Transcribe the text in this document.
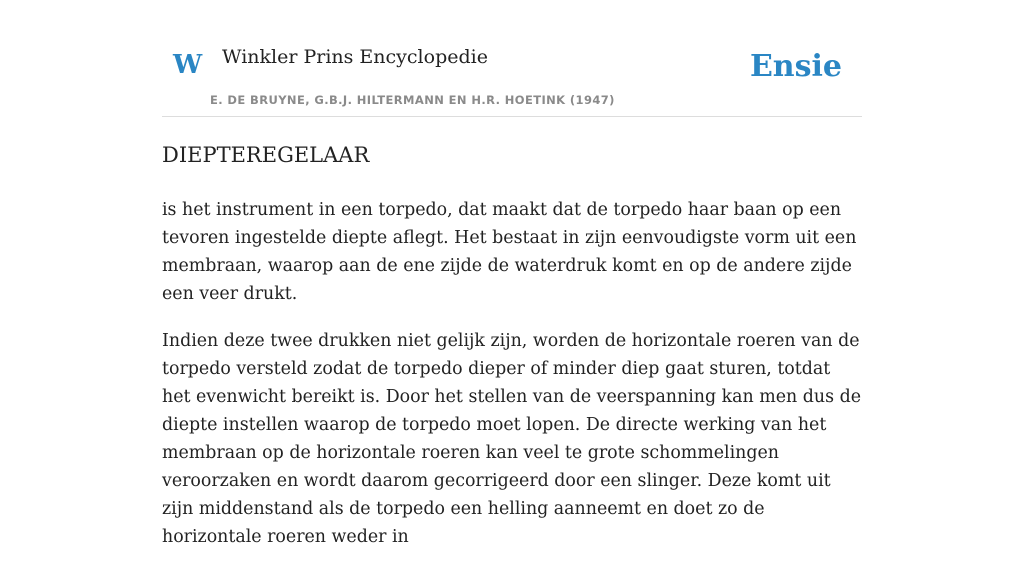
W Winkler Prins Encyclopedie
E. DE BRUYNE, G.B.J. HILTERMANN EN H.R. HOETINK (1947)
Ensie
DIEPTEREGELAAR

is het instrument in een torpedo, dat maakt dat de torpedo haar baan op een tevoren ingestelde diepte aflegt. Het bestaat in zijn eenvoudigste vorm uit een membraan, waarop aan de ene zijde de waterdruk komt en op de andere zijde een veer drukt.

Indien deze twee drukken niet gelijk zijn, worden de horizontale roeren van de torpedo versteld zodat de torpedo dieper of minder diep gaat sturen, totdat het evenwicht bereikt is. Door het stellen van de veerspanning kan men dus de diepte instellen waarop de torpedo moet lopen. De directe werking van het membraan op de horizontale roeren kan veel te grote schommelingen veroorzaken en wordt daarom gecorrigeerd door een slinger. Deze komt uit zijn middenstand als de torpedo een helling aanneemt en doet zo de horizontale roeren weder in
